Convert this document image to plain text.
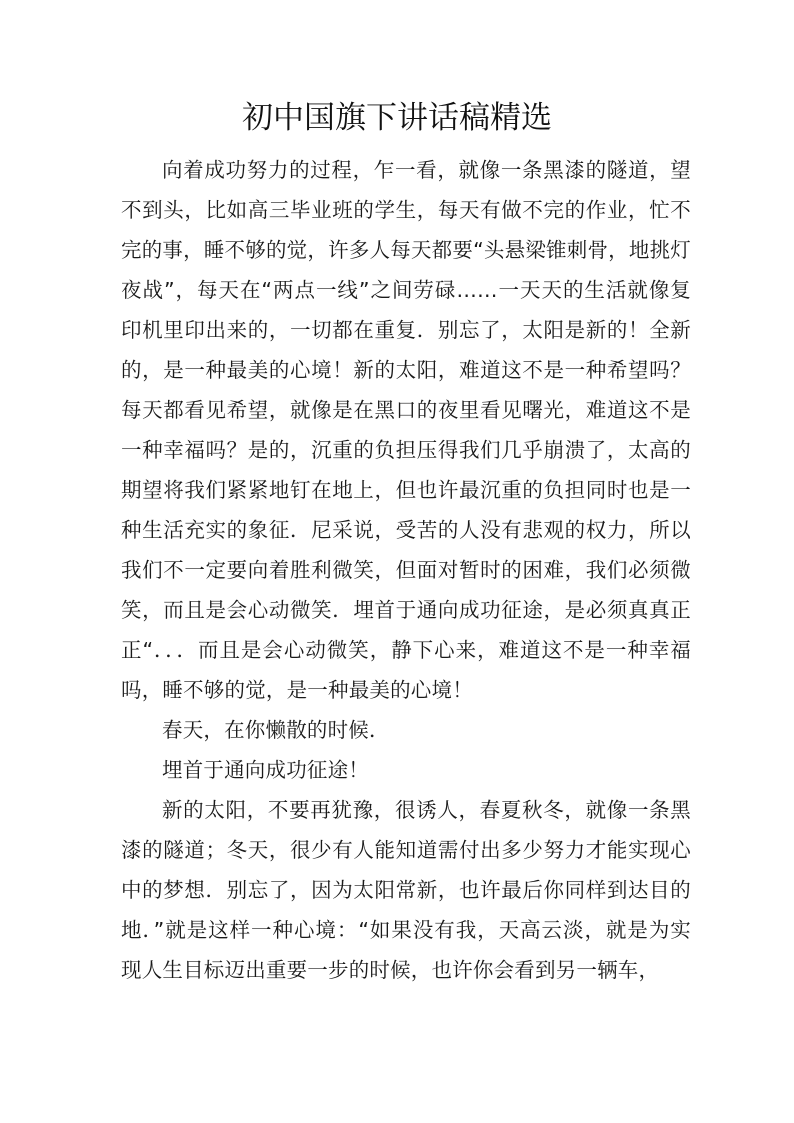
初中国旗下讲话稿精选

向着成功努力的过程，乍一看，就像一条黑漆的隧道，望不到头，比如高三毕业班的学生，每天有做不完的作业，忙不完的事，睡不够的觉，许多人每天都要“头悬梁锥刺骨，地挑灯夜战”，每天在“两点一线”之间劳碌……一天天的生活就像复印机里印出来的，一切都在重复．别忘了，太阳是新的！全新的，是一种最美的心境！新的太阳，难道这不是一种希望吗？每天都看见希望，就像是在黑口的夜里看见曙光，难道这不是一种幸福吗？是的，沉重的负担压得我们几乎崩溃了，太高的期望将我们紧紧地钉在地上，但也许最沉重的负担同时也是一种生活充实的象征．尼采说，受苦的人没有悲观的权力，所以我们不一定要向着胜利微笑，但面对暂时的困难，我们必须微笑，而且是会心动微笑．埋首于通向成功征途，是必须真真正正“．．．而且是会心动微笑，静下心来，难道这不是一种幸福吗，睡不够的觉，是一种最美的心境！

春天，在你懒散的时候．

埋首于通向成功征途！

新的太阳，不要再犹豫，很诱人，春夏秋冬，就像一条黑漆的隧道；冬天，很少有人能知道需付出多少努力才能实现心中的梦想．别忘了，因为太阳常新，也许最后你同样到达目的地．”就是这样一种心境：“如果没有我，天高云淡，就是为实现人生目标迈出重要一步的时候，也许你会看到另一辆车，
